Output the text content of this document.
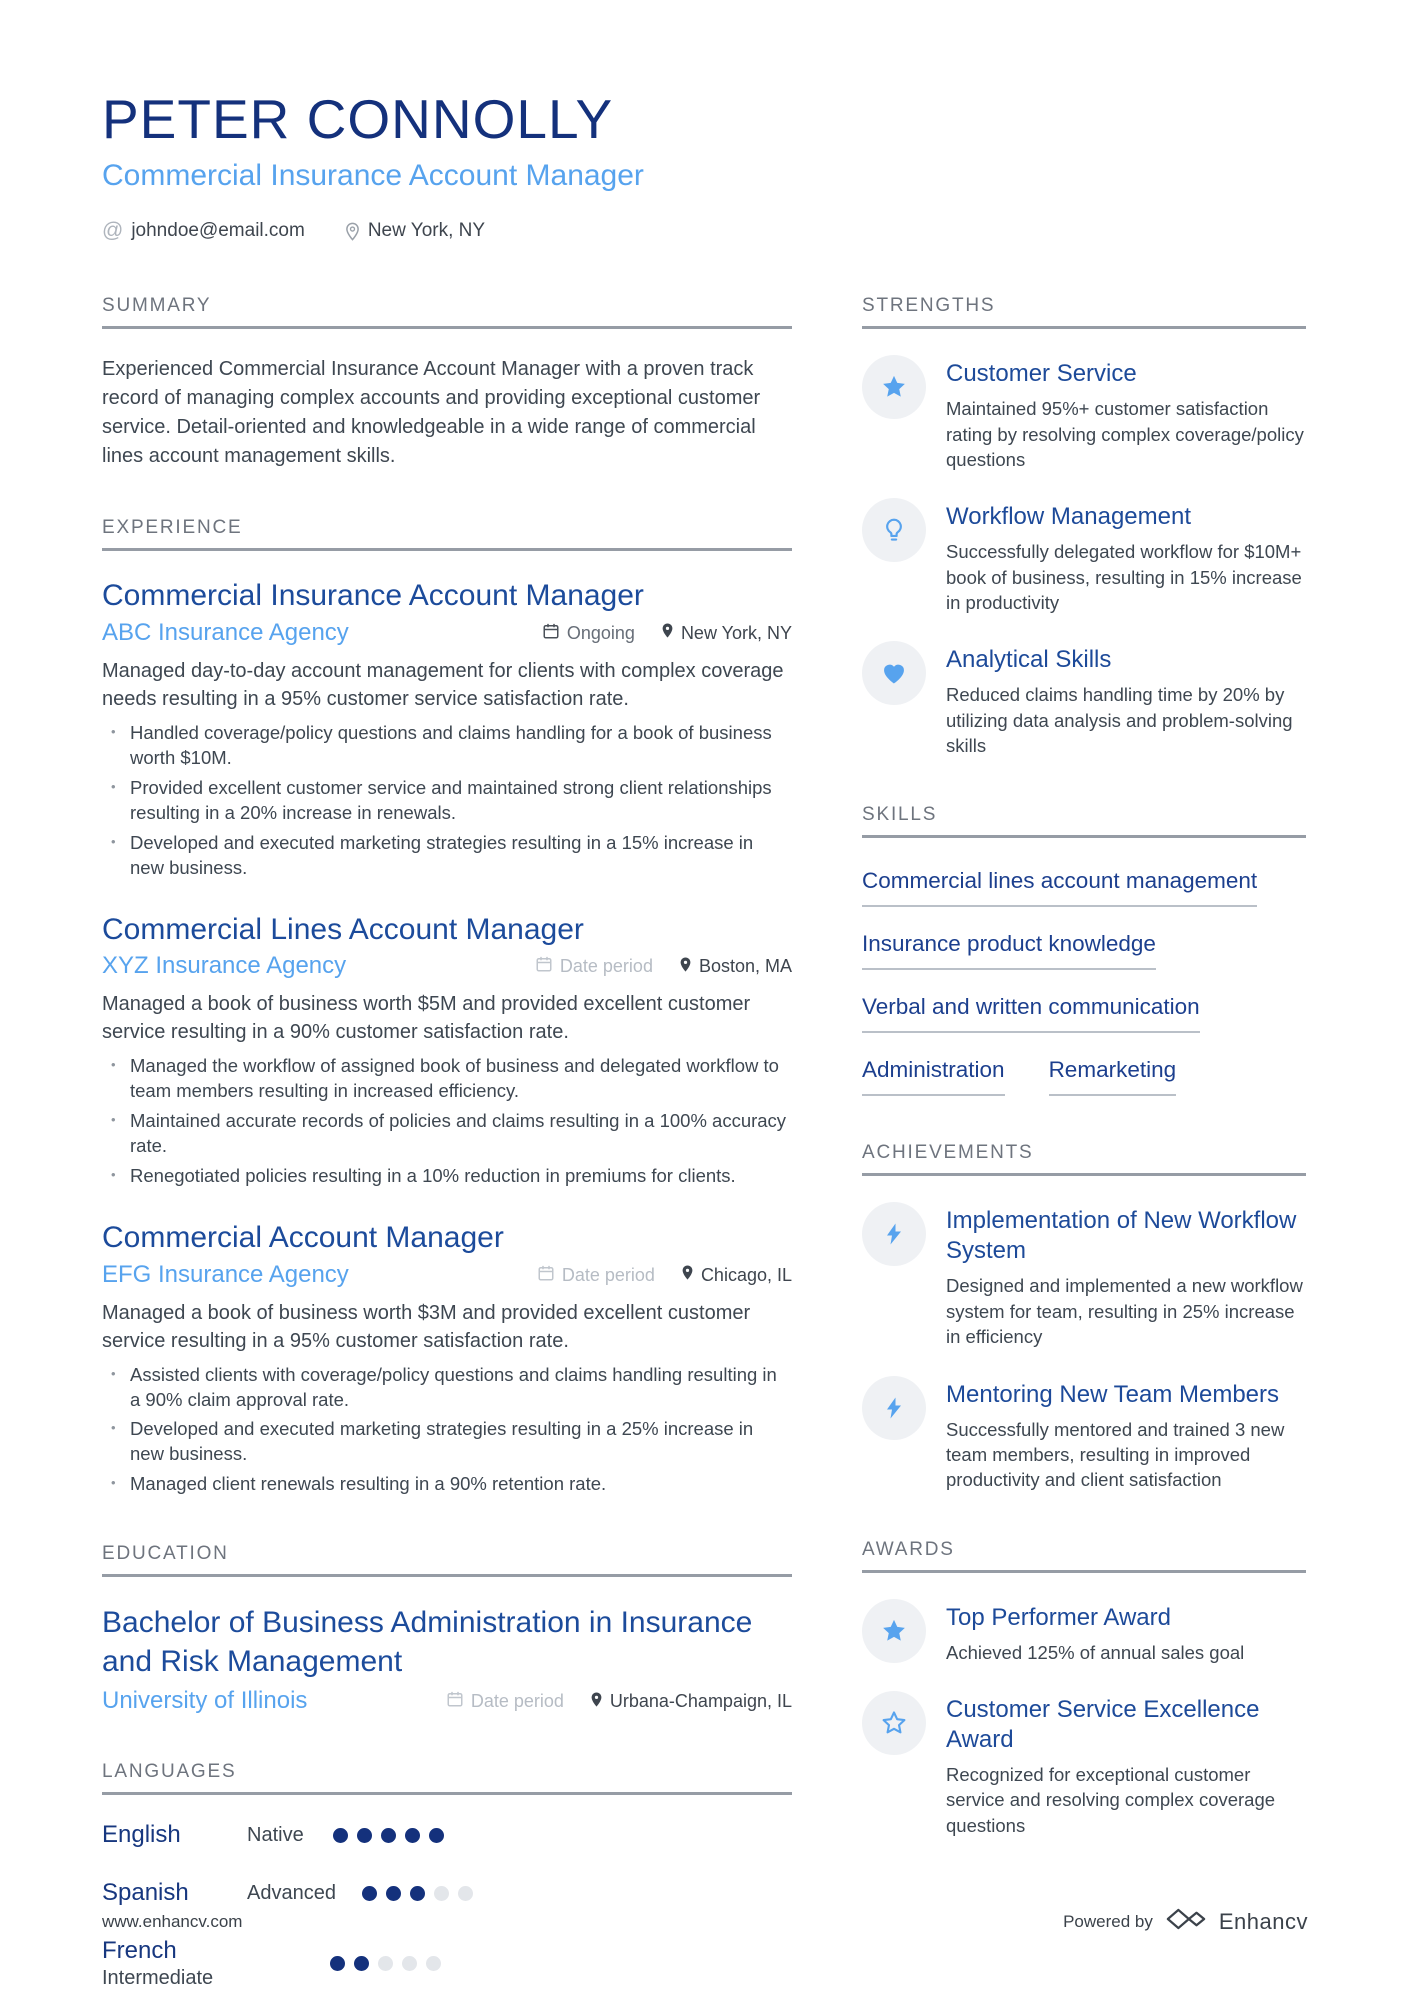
PETER CONNOLLY
Commercial Insurance Account Manager
@ johndoe@email.com	New York, NY
SUMMARY
Experienced Commercial Insurance Account Manager with a proven track record of managing complex accounts and providing exceptional customer service. Detail-oriented and knowledgeable in a wide range of commercial lines account management skills.
EXPERIENCE
Commercial Insurance Account Manager
ABC Insurance Agency	Ongoing	New York, NY
Managed day-to-day account management for clients with complex coverage needs resulting in a 95% customer service satisfaction rate.
• Handled coverage/policy questions and claims handling for a book of business worth $10M.
• Provided excellent customer service and maintained strong client relationships resulting in a 20% increase in renewals.
• Developed and executed marketing strategies resulting in a 15% increase in new business.
Commercial Lines Account Manager
XYZ Insurance Agency	Date period	Boston, MA
Managed a book of business worth $5M and provided excellent customer service resulting in a 90% customer satisfaction rate.
• Managed the workflow of assigned book of business and delegated workflow to team members resulting in increased efficiency.
• Maintained accurate records of policies and claims resulting in a 100% accuracy rate.
• Renegotiated policies resulting in a 10% reduction in premiums for clients.
Commercial Account Manager
EFG Insurance Agency	Date period	Chicago, IL
Managed a book of business worth $3M and provided excellent customer service resulting in a 95% customer satisfaction rate.
• Assisted clients with coverage/policy questions and claims handling resulting in a 90% claim approval rate.
• Developed and executed marketing strategies resulting in a 25% increase in new business.
• Managed client renewals resulting in a 90% retention rate.
EDUCATION
Bachelor of Business Administration in Insurance and Risk Management
University of Illinois	Date period	Urbana-Champaign, IL
LANGUAGES
English	Native
Spanish	Advanced
French
Intermediate
STRENGTHS
Customer Service
Maintained 95%+ customer satisfaction rating by resolving complex coverage/policy questions
Workflow Management
Successfully delegated workflow for $10M+ book of business, resulting in 15% increase in productivity
Analytical Skills
Reduced claims handling time by 20% by utilizing data analysis and problem-solving skills
SKILLS
Commercial lines account management
Insurance product knowledge
Verbal and written communication
Administration Remarketing
ACHIEVEMENTS
Implementation of New Workflow System
Designed and implemented a new workflow system for team, resulting in 25% increase in efficiency
Mentoring New Team Members
Successfully mentored and trained 3 new team members, resulting in improved productivity and client satisfaction
AWARDS
Top Performer Award
Achieved 125% of annual sales goal
Customer Service Excellence Award
Recognized for exceptional customer service and resolving complex coverage questions
www.enhancv.com	Powered by	Enhancv
